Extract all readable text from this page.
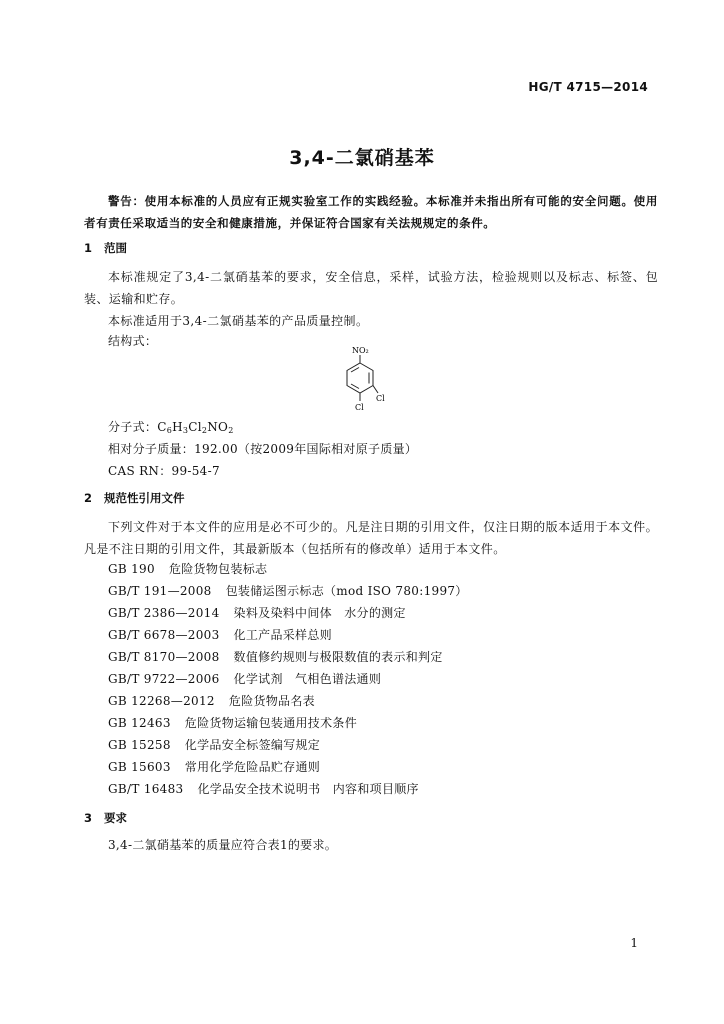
HG/T 4715—2014
3,4-二氯硝基苯
警告：使用本标准的人员应有正规实验室工作的实践经验。本标准并未指出所有可能的安全问题。使用者有责任采取适当的安全和健康措施，并保证符合国家有关法规规定的条件。
1 范围
本标准规定了3,4-二氯硝基苯的要求，安全信息，采样，试验方法，检验规则以及标志、标签、包装、运输和贮存。
本标准适用于3,4-二氯硝基苯的产品质量控制。
结构式：
NO₂
Cl
Cl
分子式：$C_6H_3Cl_2NO_2$
相对分子质量：192.00（按2009年国际相对原子质量）
CAS RN：99-54-7
2 规范性引用文件
下列文件对于本文件的应用是必不可少的。凡是注日期的引用文件，仅注日期的版本适用于本文件。凡是不注日期的引用文件，其最新版本（包括所有的修改单）适用于本文件。
GB 190 危险货物包装标志
GB/T 191—2008 包装储运图示标志（mod ISO 780:1997）
GB/T 2386—2014 染料及染料中间体　水分的测定
GB/T 6678—2003 化工产品采样总则
GB/T 8170—2008 数值修约规则与极限数值的表示和判定
GB/T 9722—2006 化学试剂　气相色谱法通则
GB 12268—2012 危险货物品名表
GB 12463 危险货物运输包装通用技术条件
GB 15258 化学品安全标签编写规定
GB 15603 常用化学危险品贮存通则
GB/T 16483 化学品安全技术说明书　内容和项目顺序
3 要求
3,4-二氯硝基苯的质量应符合表1的要求。
1
